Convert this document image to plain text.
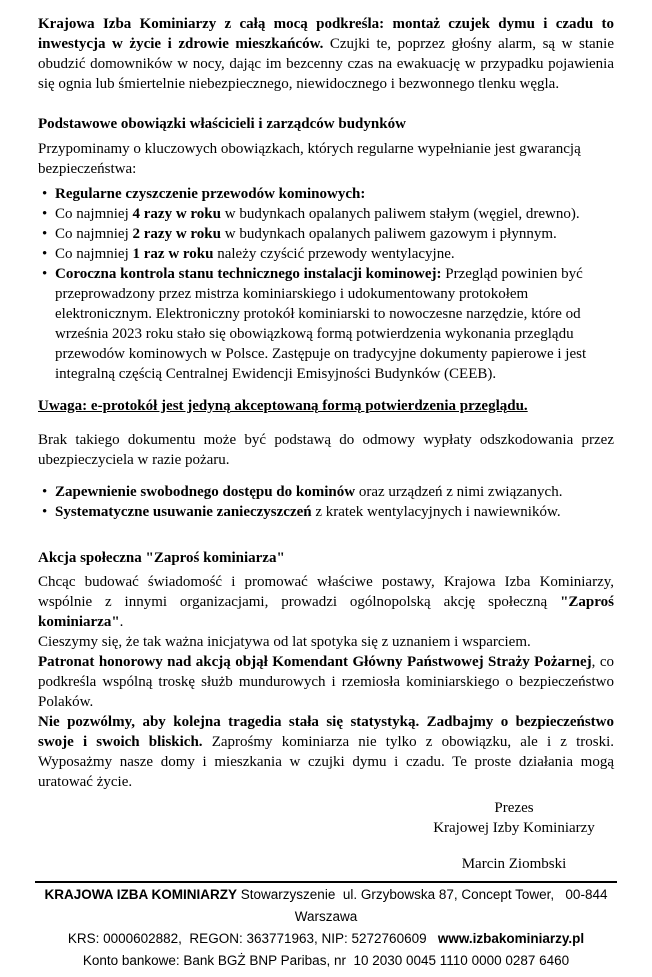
Krajowa Izba Kominiarzy z całą mocą podkreśla: montaż czujek dymu i czadu to inwestycja w życie i zdrowie mieszkańców. Czujki te, poprzez głośny alarm, są w stanie obudzić domowników w nocy, dając im bezcenny czas na ewakuację w przypadku pojawienia się ognia lub śmiertelnie niebezpiecznego, niewidocznego i bezwonnego tlenku węgla.

Podstawowe obowiązki właścicieli i zarządców budynków

Przypominamy o kluczowych obowiązkach, których regularne wypełnianie jest gwarancją bezpieczeństwa:

• Regularne czyszczenie przewodów kominowych:
• Co najmniej 4 razy w roku w budynkach opalanych paliwem stałym (węgiel, drewno).
• Co najmniej 2 razy w roku w budynkach opalanych paliwem gazowym i płynnym.
• Co najmniej 1 raz w roku należy czyścić przewody wentylacyjne.
• Coroczna kontrola stanu technicznego instalacji kominowej: Przegląd powinien być przeprowadzony przez mistrza kominiarskiego i udokumentowany protokołem elektronicznym. Elektroniczny protokół kominiarski to nowoczesne narzędzie, które od września 2023 roku stało się obowiązkową formą potwierdzenia wykonania przeglądu przewodów kominowych w Polsce. Zastępuje on tradycyjne dokumenty papierowe i jest integralną częścią Centralnej Ewidencji Emisyjności Budynków (CEEB).

Uwaga: e-protokół jest jedyną akceptowaną formą potwierdzenia przeglądu.

Brak takiego dokumentu może być podstawą do odmowy wypłaty odszkodowania przez ubezpieczyciela w razie pożaru.

• Zapewnienie swobodnego dostępu do kominów oraz urządzeń z nimi związanych.
• Systematyczne usuwanie zanieczyszczeń z kratek wentylacyjnych i nawiewników.

Akcja społeczna "Zaproś kominiarza"

Chcąc budować świadomość i promować właściwe postawy, Krajowa Izba Kominiarzy, wspólnie z innymi organizacjami, prowadzi ogólnopolską akcję społeczną "Zaproś kominiarza".

Cieszymy się, że tak ważna inicjatywa od lat spotyka się z uznaniem i wsparciem.

Patronat honorowy nad akcją objął Komendant Główny Państwowej Straży Pożarnej, co podkreśla wspólną troskę służb mundurowych i rzemiosła kominiarskiego o bezpieczeństwo Polaków.

Nie pozwólmy, aby kolejna tragedia stała się statystyką. Zadbajmy o bezpieczeństwo swoje i swoich bliskich. Zaprośmy kominiarza nie tylko z obowiązku, ale i z troski. Wyposażmy nasze domy i mieszkania w czujki dymu i czadu. Te proste działania mogą uratować życie.

Prezes
Krajowej Izby Kominiarzy
Marcin Ziombski
KRAJOWA IZBA KOMINIARZY Stowarzyszenie  ul. Grzybowska 87, Concept Tower,   00-844 Warszawa
KRS: 0000602882,  REGON: 363771963, NIP: 5272760609   www.izbakominiarzy.pl
Konto bankowe: Bank BGŻ BNP Paribas, nr  10 2030 0045 1110 0000 0287 6460
